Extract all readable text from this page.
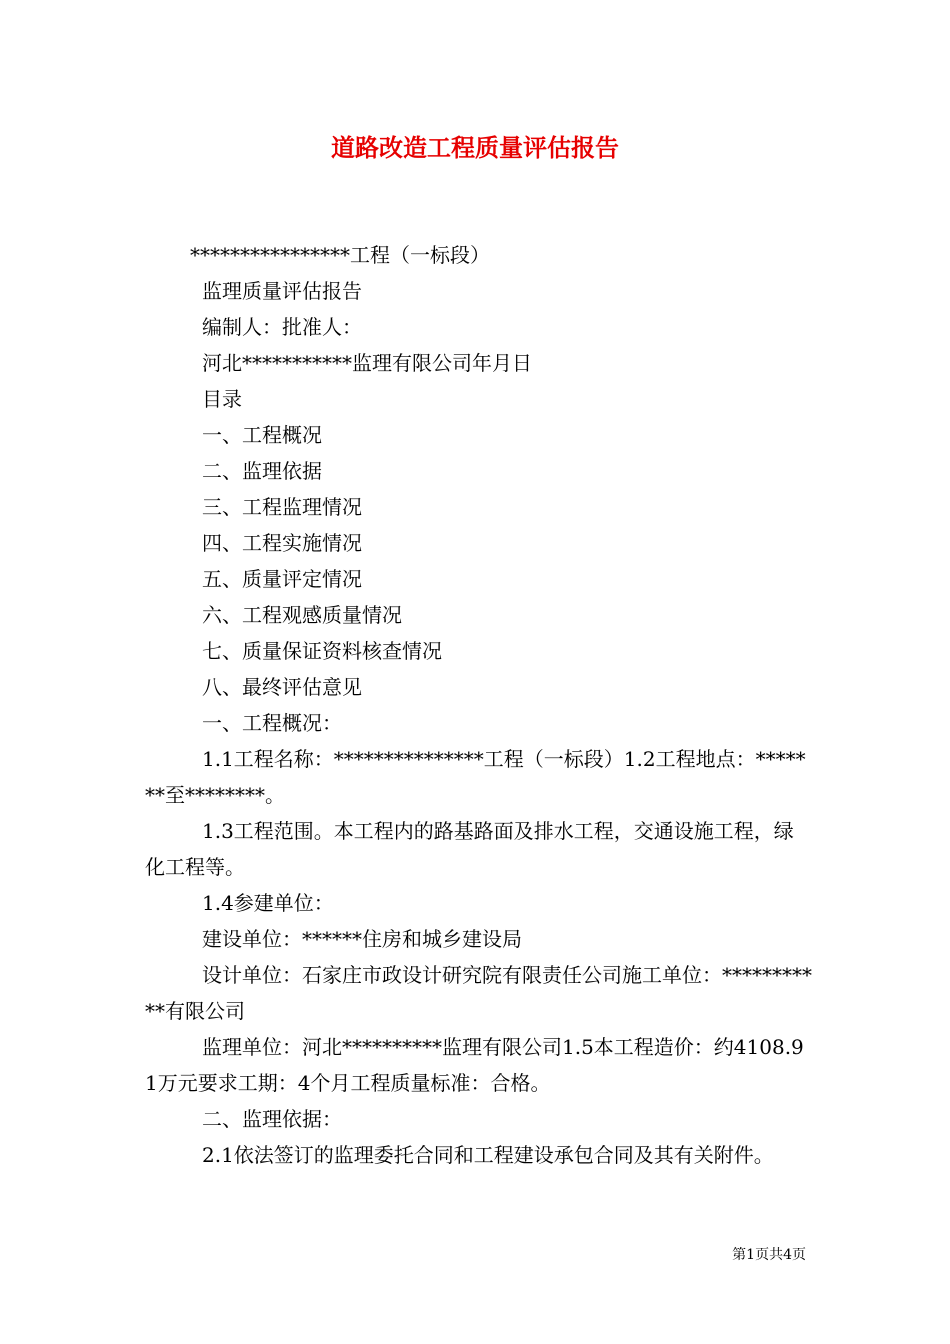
道路改造工程质量评估报告

****************工程（一标段）

监理质量评估报告

编制人：批准人：

河北***********监理有限公司年月日

目录

一、工程概况

二、监理依据

三、工程监理情况

四、工程实施情况

五、质量评定情况

六、工程观感质量情况

七、质量保证资料核查情况

八、最终评估意见

一、工程概况：

1.1工程名称：***************工程（一标段）1.2工程地点：*******至********。

1.3工程范围。本工程内的路基路面及排水工程，交通设施工程，绿化工程等。

1.4参建单位：

建设单位：******住房和城乡建设局

设计单位：石家庄市政设计研究院有限责任公司施工单位：***********有限公司

监理单位：河北**********监理有限公司1.5本工程造价：约4108.91万元要求工期：4个月工程质量标准：合格。

二、监理依据：

2.1依法签订的监理委托合同和工程建设承包合同及其有关附件。

第1页共4页
